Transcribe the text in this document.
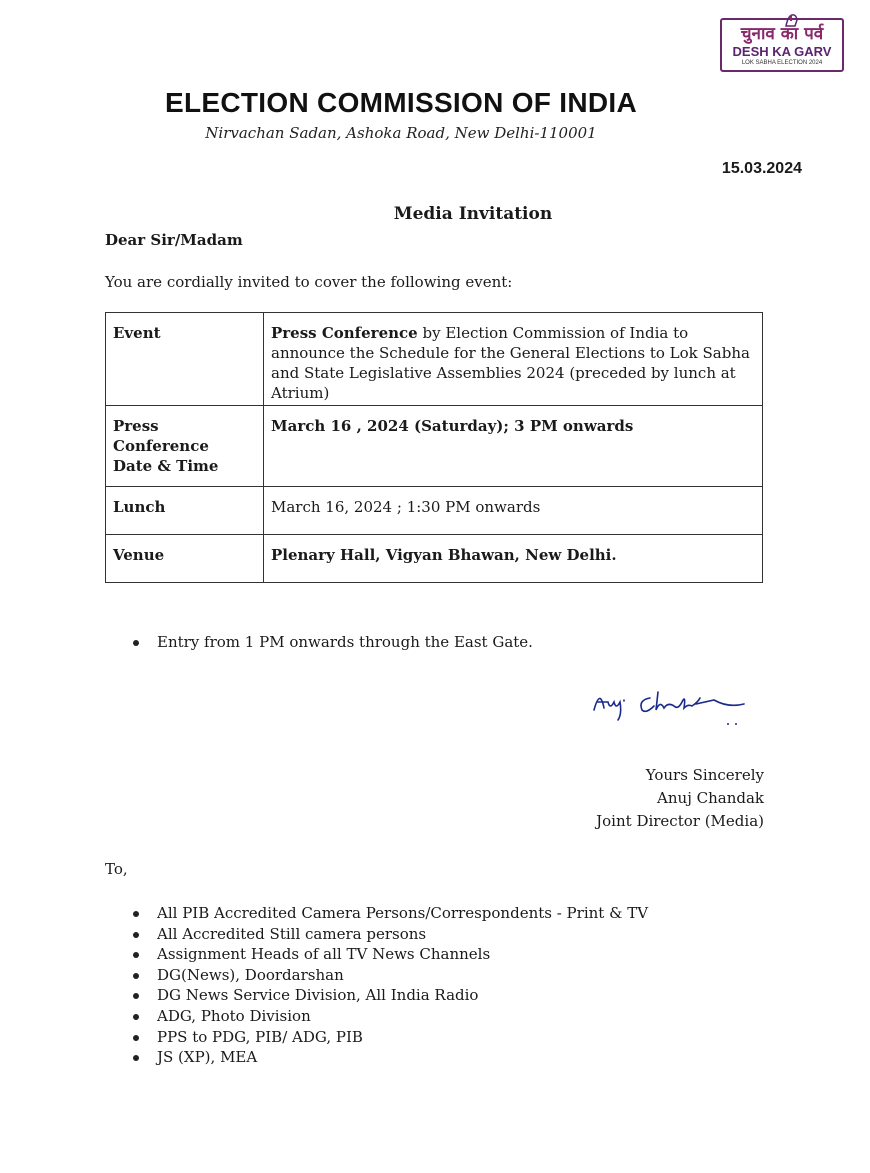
चुनाव का पर्व
DESH KA GARV
LOK SABHA ELECTION 2024
ELECTION COMMISSION OF INDIA
Nirvachan Sadan, Ashoka Road, New Delhi-110001
15.03.2024
Media Invitation
Dear Sir/Madam
You are cordially invited to cover the following event:
Event	Press Conference by Election Commission of India to announce the Schedule for the General Elections to Lok Sabha and State Legislative Assemblies 2024 (preceded by lunch at Atrium)

Press
Conference
Date & Time	March 16 , 2024 (Saturday); 3 PM onwards
Lunch	March 16, 2024 ; 1:30 PM onwards
Venue	Plenary Hall, Vigyan Bhawan, New Delhi.
Entry from 1 PM onwards through the East Gate.
Yours Sincerely
Anuj Chandak
Joint Director (Media)
To,
All PIB Accredited Camera Persons/Correspondents - Print & TV
All Accredited Still camera persons
Assignment Heads of all TV News Channels
DG(News), Doordarshan
DG News Service Division, All India Radio
ADG, Photo Division
PPS to PDG, PIB/ ADG, PIB
JS (XP), MEA
